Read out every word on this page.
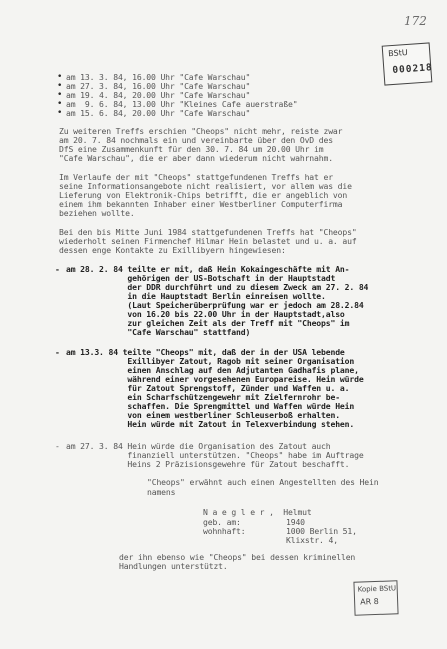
172
BStU
000218
• am 13. 3. 84, 16.00 Uhr "Cafe Warschau"
• am 27. 3. 84, 16.00 Uhr "Cafe Warschau"
• am 19. 4. 84, 20.00 Uhr "Cafe Warschau"
• am  9. 6. 84, 13.00 Uhr "Kleines Cafe auerstraße"
• am 15. 6. 84, 20.00 Uhr "Cafe Warschau"
Zu weiteren Treffs erschien "Cheops" nicht mehr, reiste zwar
am 20. 7. 84 nochmals ein und vereinbarte über den OvD des
DfS eine Zusammenkunft für den 30. 7. 84 um 20.00 Uhr im
"Cafe Warschau", die er aber dann wiederum nicht wahrnahm.
Im Verlaufe der mit "Cheops" stattgefundenen Treffs hat er
seine Informationsangebote nicht realisiert, vor allem was die
Lieferung von Elektronik-Chips betrifft, die er angeblich von
einem ihm bekannten Inhaber einer Westberliner Computerfirma
beziehen wollte.
Bei den bis Mitte Juni 1984 stattgefundenen Treffs hat "Cheops"
wiederholt seinen Firmenchef Hilmar Hein belastet und u. a. auf
dessen enge Kontakte zu Exillibyern hingewiesen:
- am 28. 2. 84 teilte er mit, daß Hein Kokaingeschäfte mit An-
gehörigen der US-Botschaft in der Hauptstadt
der DDR durchführt und zu diesem Zweck am 27. 2. 84
in die Hauptstadt Berlin einreisen wollte.
(Laut Speicherüberprüfung war er jedoch am 28.2.84
von 16.20 bis 22.00 Uhr in der Hauptstadt,also
zur gleichen Zeit als der Treff mit "Cheops" im
"Cafe Warschau" stattfand)
- am 13.3. 84 teilte "Cheops" mit, daß der in der USA lebende
Exillibyer Zatout, Ragob mit seiner Organisation
einen Anschlag auf den Adjutanten Gadhafis plane,
während einer vorgesehenen Europareise. Hein würde
für Zatout Sprengstoff, Zünder und Waffen u. a.
ein Scharfschützengewehr mit Zielfernrohr be-
schaffen. Die Sprengmittel und Waffen würde Hein
von einem westberliner Schleuserboß erhalten.
Hein würde mit Zatout in Telexverbindung stehen.
- am 27. 3. 84 Hein würde die Organisation des Zatout auch
finanziell unterstützen. "Cheops" habe im Auftrage
Heins 2 Präzisionsgewehre für Zatout beschafft.
"Cheops" erwähnt auch einen Angestellten des Hein
namens
N a e g l e r ,  Helmut
geb. am:	1940
wohnhaft:	1000 Berlin 51,
Klixstr. 4,
der ihn ebenso wie "Cheops" bei dessen kriminellen
Handlungen unterstützt.
Kopie BStU
AR 8
